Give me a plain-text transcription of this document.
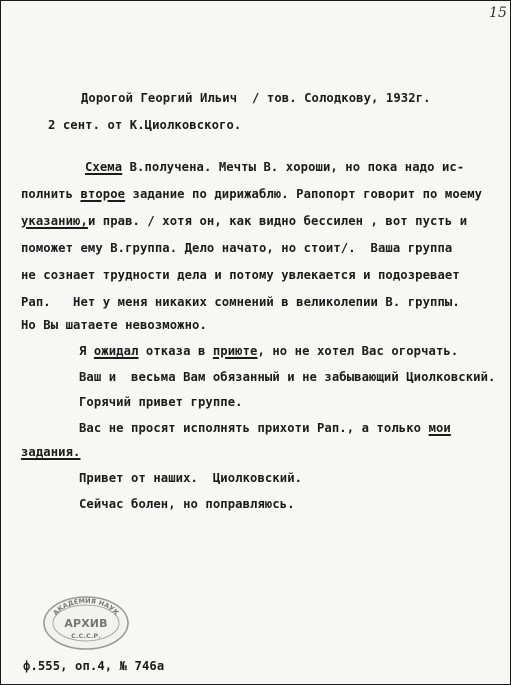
15
Дорогой Георгий Ильич  / тов. Солодкову, 1932г.
2 сент. от К.Циолковского.
Схема В.получена. Мечты В. хороши, но пока надо ис-
полнить второе задание по дирижаблю. Рапопорт говорит по моему
указанию,и прав. / хотя он, как видно бессилен , вот пусть и
поможет ему В.группа. Дело начато, но стоит/.  Ваша группа
не сознает трудности дела и потому увлекается и подозревает
Рап.   Нет у меня никаких сомнений в великолепии В. группы.
Но Вы шатаете невозможно.
Я ожидал отказа в приюте, но не хотел Вас огорчать.
Ваш и  весьма Вам обязанный и не забывающий Циолковский.
Горячий привет группе.
Вас не просят исполнять прихоти Рап., а только мои
задания.
Привет от наших.  Циолковский.
Сейчас болен, но поправляюсь.
АКАДЕМИЯ НАУК
АРХИВ
С.С.С.Р.
ф.555, оп.4, № 746а
